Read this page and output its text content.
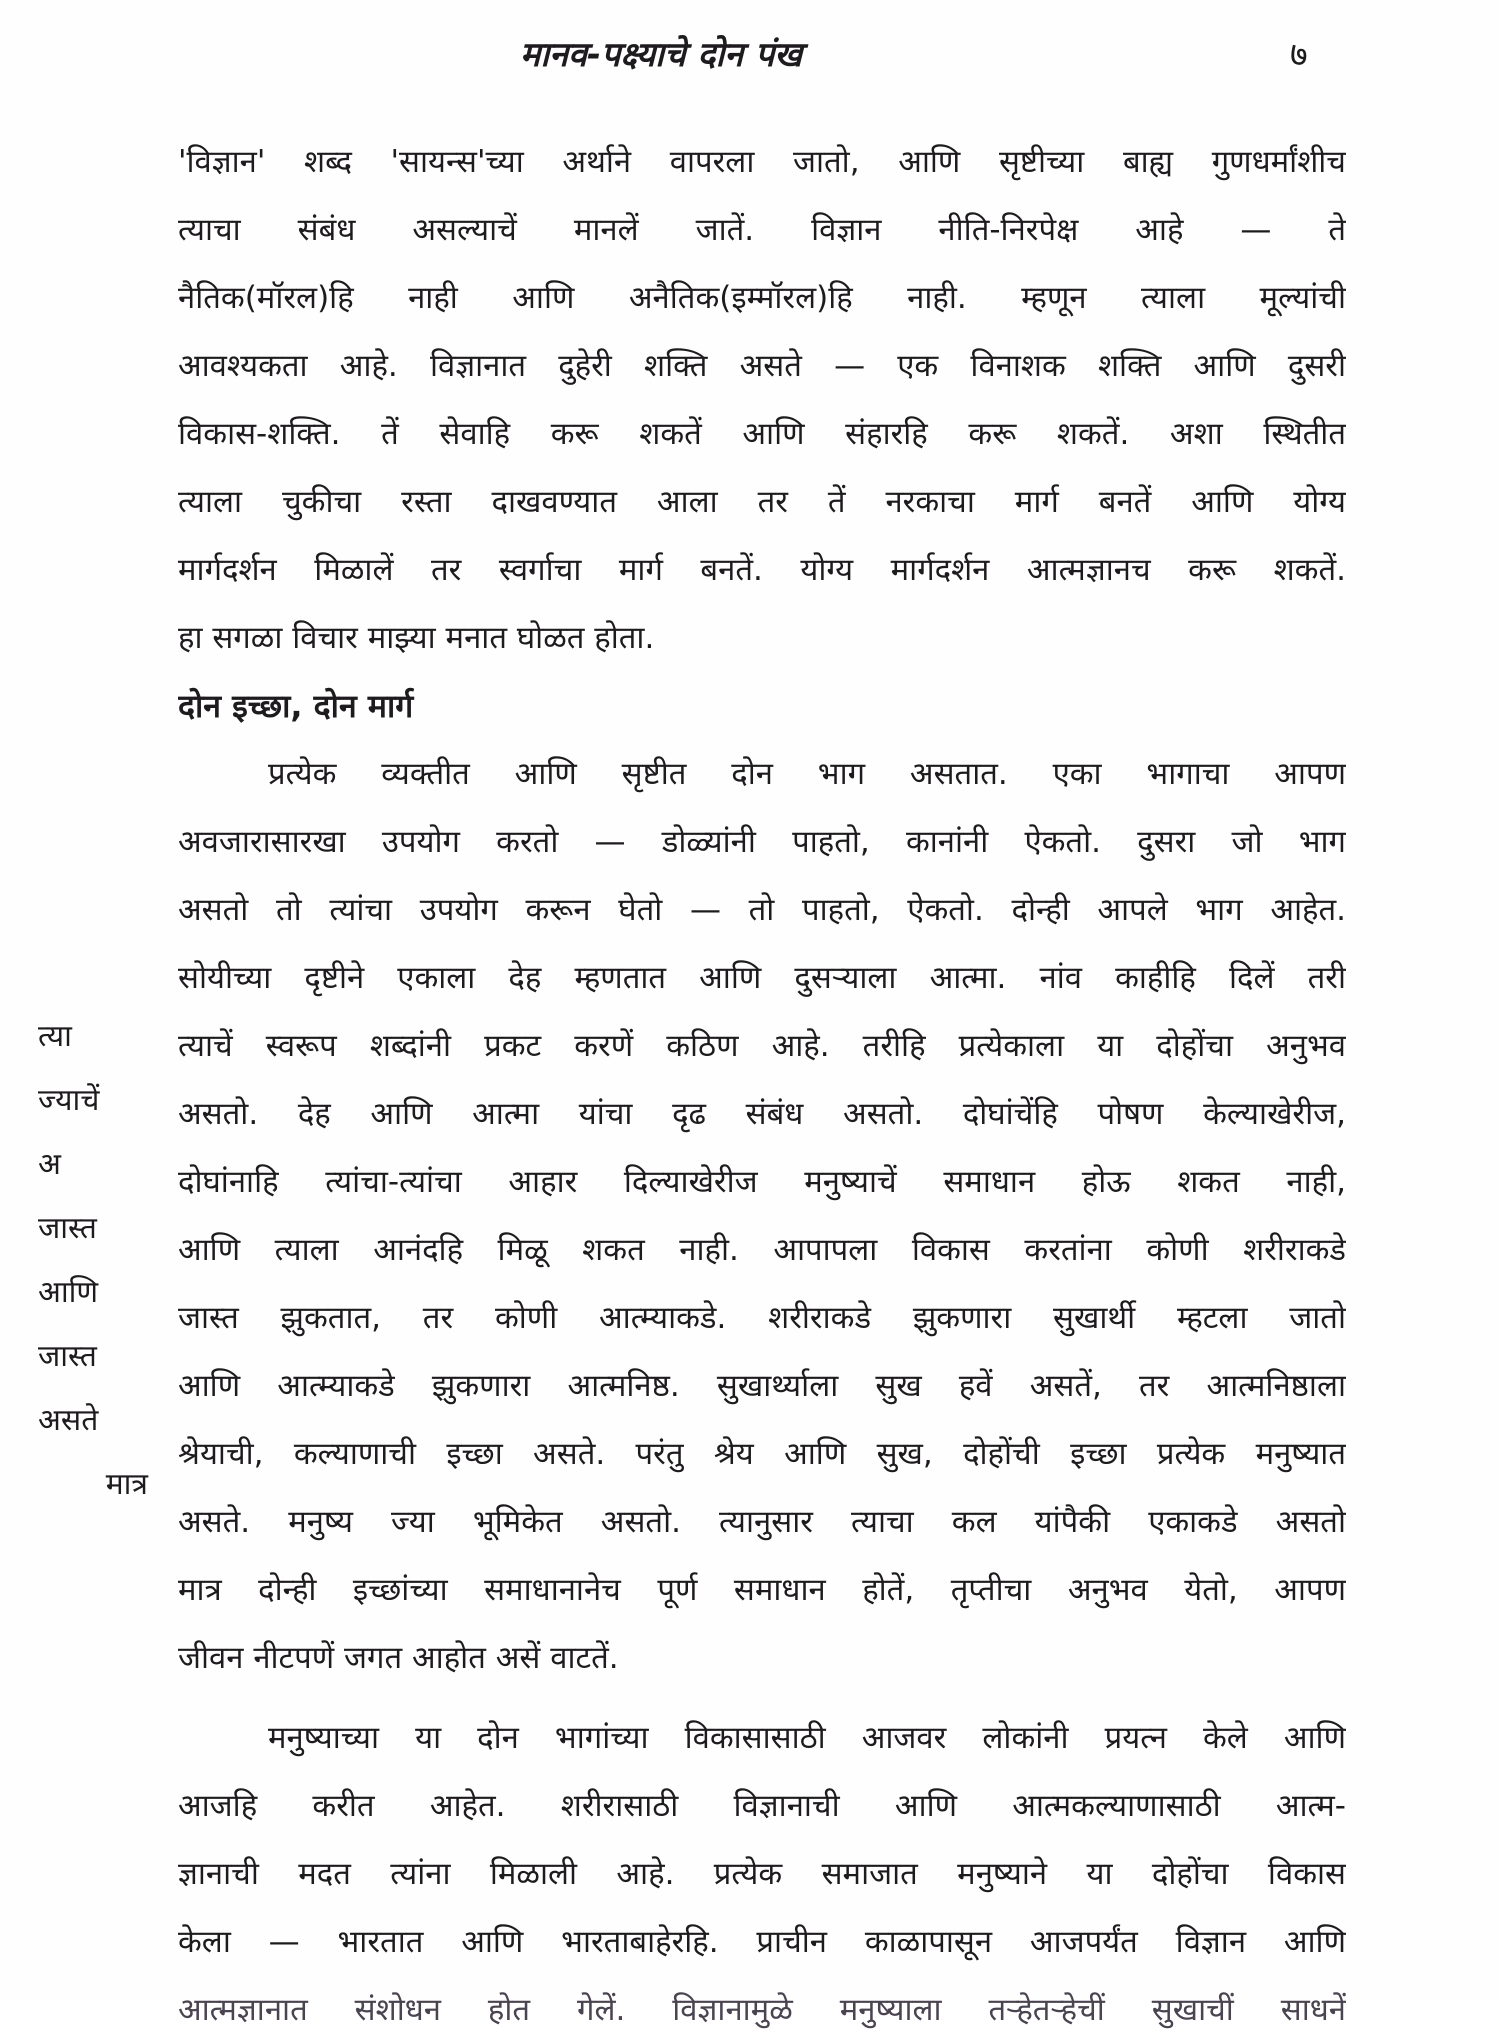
मानव-पक्ष्याचे दोन पंख	७
'विज्ञान' शब्द 'सायन्स'च्या अर्थाने वापरला जातो, आणि सृष्टीच्या बाह्य गुणधर्मांशीच
त्याचा संबंध असल्याचें मानलें जातें. विज्ञान नीति-निरपेक्ष आहे — ते
नैतिक(मॉरल)हि नाही आणि अनैतिक(इम्मॉरल)हि नाही. म्हणून त्याला मूल्यांची
आवश्यकता आहे. विज्ञानात दुहेरी शक्ति असते — एक विनाशक शक्ति आणि दुसरी
विकास-शक्ति. तें सेवाहि करू शकतें आणि संहारहि करू शकतें. अशा स्थितीत
त्याला चुकीचा रस्ता दाखवण्यात आला तर तें नरकाचा मार्ग बनतें आणि योग्य
मार्गदर्शन मिळालें तर स्वर्गाचा मार्ग बनतें. योग्य मार्गदर्शन आत्मज्ञानच करू शकतें.
हा सगळा विचार माझ्या मनात घोळत होता.
दोन इच्छा, दोन मार्ग
प्रत्येक व्यक्तीत आणि सृष्टीत दोन भाग असतात. एका भागाचा आपण
अवजारासारखा उपयोग करतो — डोळ्यांनी पाहतो, कानांनी ऐकतो. दुसरा जो भाग
असतो तो त्यांचा उपयोग करून घेतो — तो पाहतो, ऐकतो. दोन्ही आपले भाग आहेत.
सोयीच्या दृष्टीने एकाला देह म्हणतात आणि दुसऱ्याला आत्मा. नांव काहीहि दिलें तरी
त्याचें स्वरूप शब्दांनी प्रकट करणें कठिण आहे. तरीहि प्रत्येकाला या दोहोंचा अनुभव
असतो. देह आणि आत्मा यांचा दृढ संबंध असतो. दोघांचेंहि पोषण केल्याखेरीज,
दोघांनाहि त्यांचा-त्यांचा आहार दिल्याखेरीज मनुष्याचें समाधान होऊ शकत नाही,
आणि त्याला आनंदहि मिळू शकत नाही. आपापला विकास करतांना कोणी शरीराकडे
जास्त झुकतात, तर कोणी आत्म्याकडे. शरीराकडे झुकणारा सुखार्थी म्हटला जातो
आणि आत्म्याकडे झुकणारा आत्मनिष्ठ. सुखार्थ्याला सुख हवें असतें, तर आत्मनिष्ठाला
श्रेयाची, कल्याणाची इच्छा असते. परंतु श्रेय आणि सुख, दोहोंची इच्छा प्रत्येक मनुष्यात
असते. मनुष्य ज्या भूमिकेत असतो. त्यानुसार त्याचा कल यांपैकी एकाकडे असतो
मात्र दोन्ही इच्छांच्या समाधानानेच पूर्ण समाधान होतें, तृप्तीचा अनुभव येतो, आपण
जीवन नीटपणें जगत आहोत असें वाटतें.
मनुष्याच्या या दोन भागांच्या विकासासाठी आजवर लोकांनी प्रयत्न केले आणि
आजहि करीत आहेत. शरीरासाठी विज्ञानाची आणि आत्मकल्याणासाठी आत्म-
ज्ञानाची मदत त्यांना मिळाली आहे. प्रत्येक समाजात मनुष्याने या दोहोंचा विकास
केला — भारतात आणि भारताबाहेरहि. प्राचीन काळापासून आजपर्यंत विज्ञान आणि
आत्मज्ञानात संशोधन होत गेलें. विज्ञानामुळे मनुष्याला तऱ्हेतऱ्हेचीं सुखाचीं साधनें
त्या
ज्याचें
अ
जास्त
आणि
जास्त
असते
मात्र
